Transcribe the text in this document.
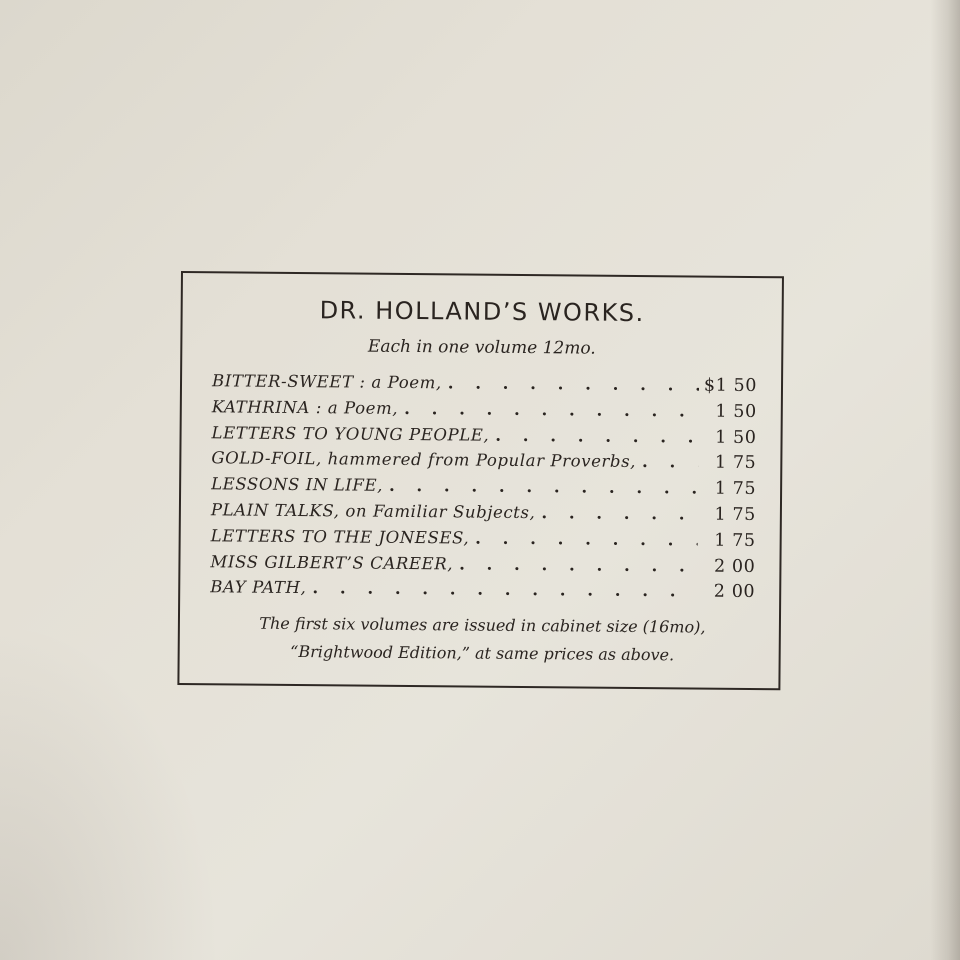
DR. HOLLAND’S WORKS.
Each in one volume 12mo.
BITTER-SWEET : a Poem, . . .	$1 50
KATHRINA : a Poem, . . .	1 50
LETTERS TO YOUNG PEOPLE, . . .	1 50
GOLD-FOIL, hammered from Popular Proverbs, . . .	1 75
LESSONS IN LIFE, . . .	1 75
PLAIN TALKS, on Familiar Subjects, . . .	1 75
LETTERS TO THE JONESES, . . .	1 75
MISS GILBERT’S CAREER, . . .	2 00
BAY PATH, . . .	2 00
The first six volumes are issued in cabinet size (16mo),
“Brightwood Edition,” at same prices as above.
